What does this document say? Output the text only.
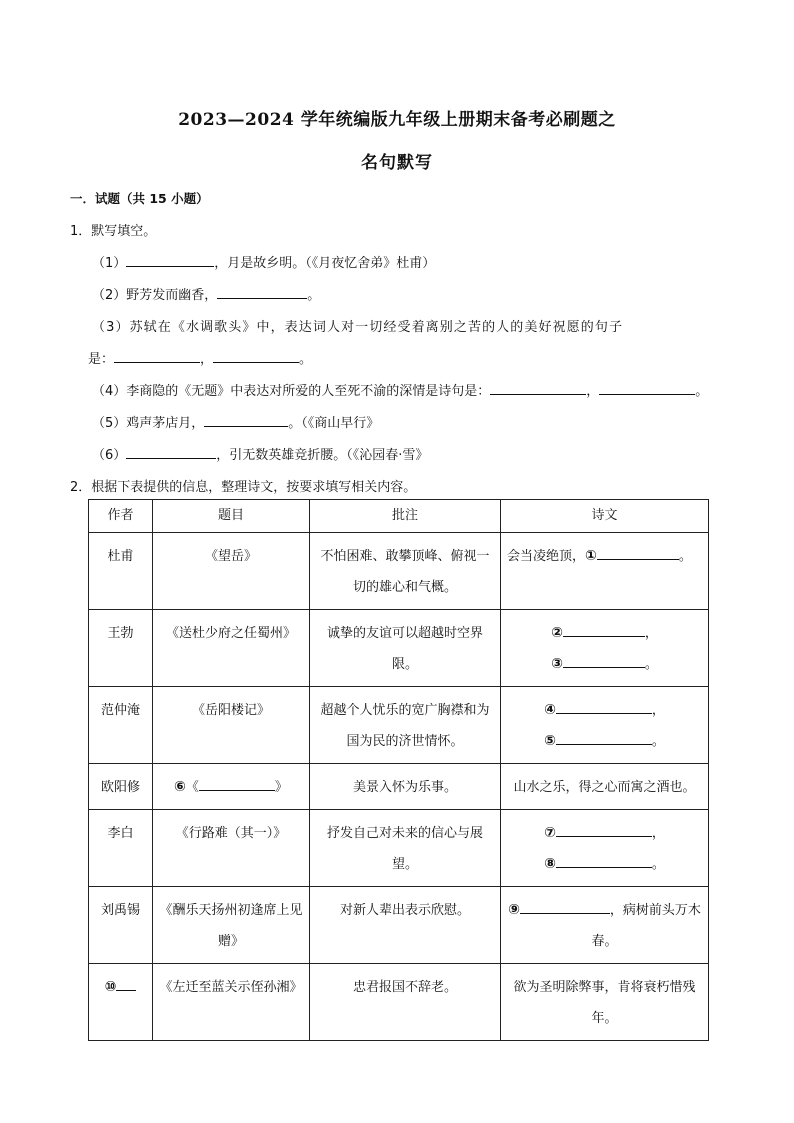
2023—2024 学年统编版九年级上册期末备考必刷题之
名句默写
一．试题（共 15 小题）
1．默写填空。
（1）	，月是故乡明。（《月夜忆舍弟》杜甫）
（2）野芳发而幽香，	。
（3）苏轼在《水调歌头》中，表达词人对一切经受着离别之苦的人的美好祝愿的句子
是：	，	。
（4）李商隐的《无题》中表达对所爱的人至死不渝的深情是诗句是：	，	。
（5）鸡声茅店月，	。（《商山早行》
（6）	，引无数英雄竞折腰。（《沁园春·雪》
2．根据下表提供的信息，整理诗文，按要求填写相关内容。
作者	题目	批注	诗文
杜甫	《望岳》	不怕困难、敢攀顶峰、俯视一切的雄心和气概。	会当凌绝顶，① 。
王勃	《送杜少府之任蜀州》	诚挚的友谊可以超越时空界限。	② ，
③ 。

范仲淹	《岳阳楼记》	超越个人忧乐的宽广胸襟和为国为民的济世情怀。	④ ，
⑤ 。

欧阳修	⑥《 》	美景入怀为乐事。	山水之乐，得之心而寓之酒也。
李白	《行路难（其一）》	抒发自己对未来的信心与展望。	⑦ ，
⑧ 。

刘禹锡	《酬乐天扬州初逢席上见赠》	对新人辈出表示欣慰。	⑨ ，病树前头万木春。
⑩	《左迁至蓝关示侄孙湘》	忠君报国不辞老。	欲为圣明除弊事，肯将衰朽惜残年。
